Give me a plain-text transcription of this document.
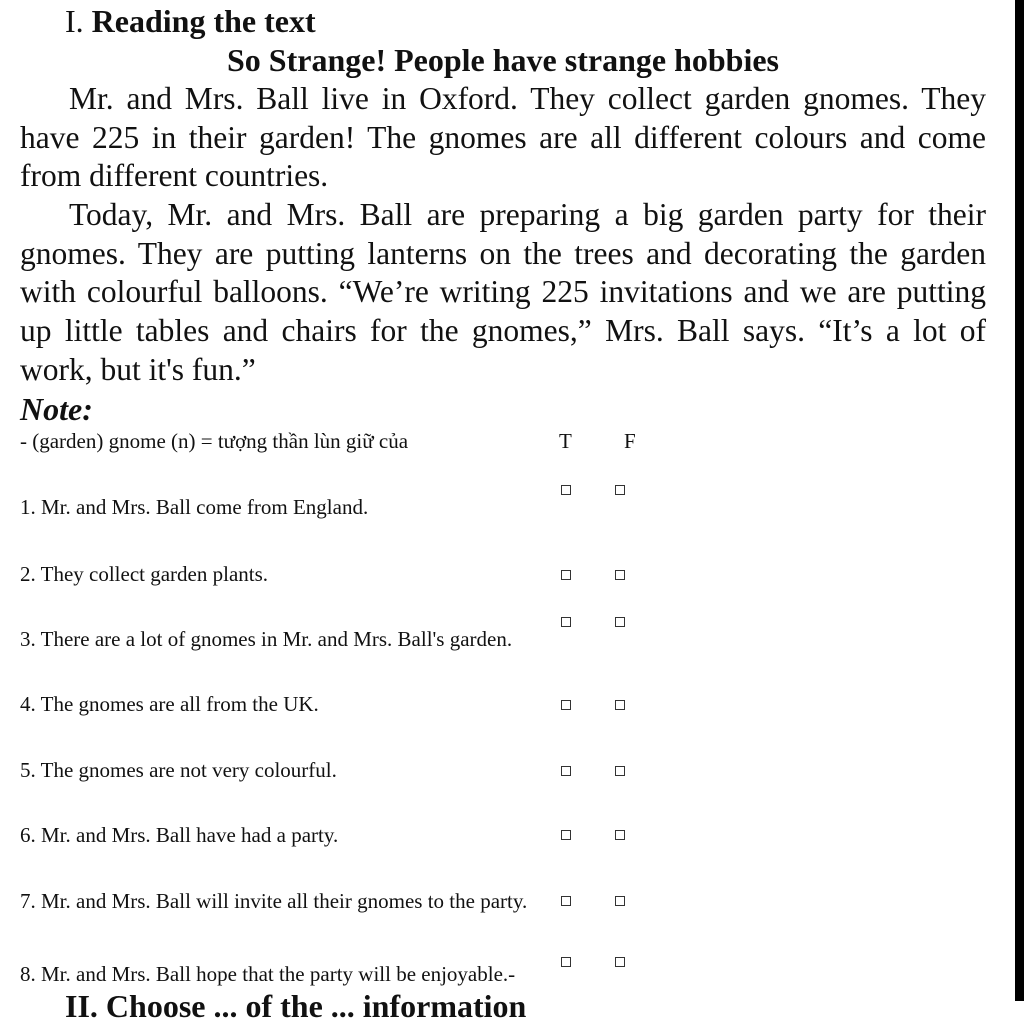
I. Reading the text
So Strange! People have strange hobbies
Mr. and Mrs. Ball live in Oxford. They collect garden gnomes. They have 225 in their garden! The gnomes are all different colours and come from different countries.
Today, Mr. and Mrs. Ball are preparing a big garden party for their gnomes. They are putting lanterns on the trees and decorating the garden with colourful balloons. “We’re writing 225 invitations and we are putting up little tables and chairs for the gnomes,” Mrs. Ball says. “It’s a lot of work, but it's fun.”
Note:
- (garden) gnome (n) = tượng thần lùn giữ của	T F
1. Mr. and Mrs. Ball come from England.
2. They collect garden plants.
3. There are a lot of gnomes in Mr. and Mrs. Ball's garden.
4. The gnomes are all from the UK.
5. The gnomes are not very colourful.
6. Mr. and Mrs. Ball have had a party.
7. Mr. and Mrs. Ball will invite all their gnomes to the party.
8. Mr. and Mrs. Ball hope that the party will be enjoyable.-
II. Choose ... of the ... information
